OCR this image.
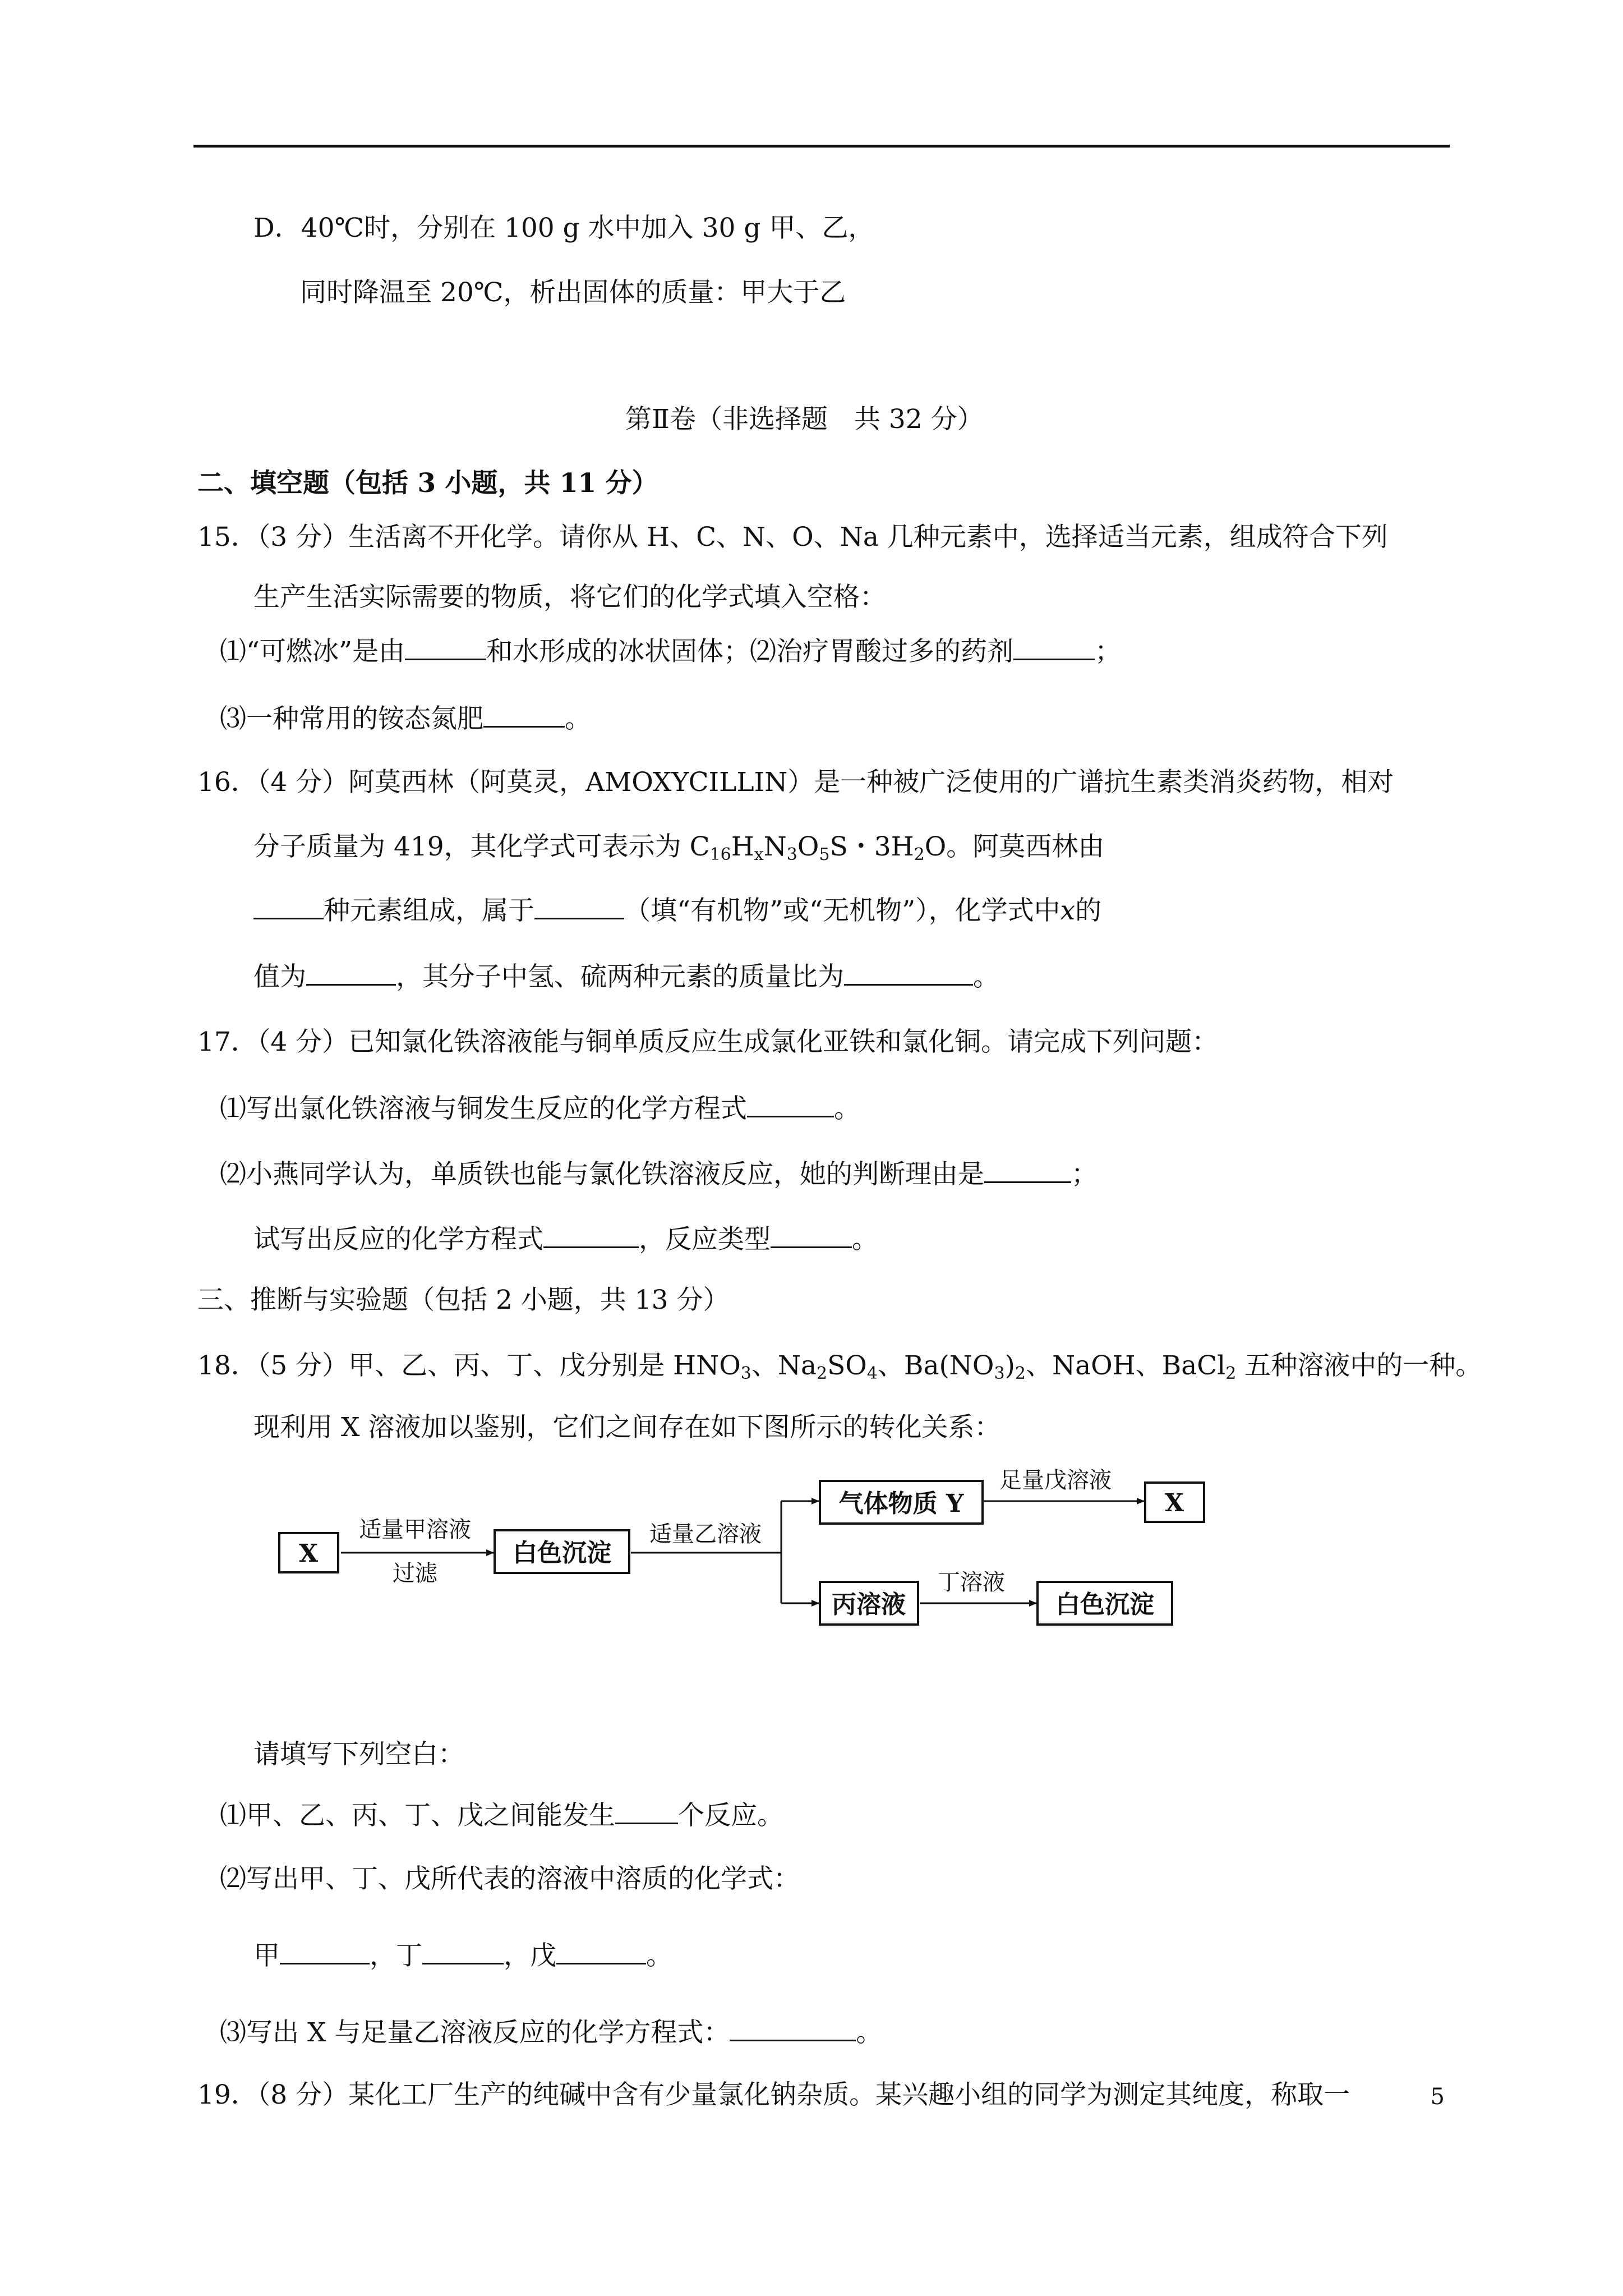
D．40℃时，分别在 100 g 水中加入 30 g 甲、乙，
同时降温至 20℃，析出固体的质量：甲大于乙
第Ⅱ卷（非选择题　共 32 分）
二、填空题（包括 3 小题，共 11 分）
15．（3 分）生活离不开化学。请你从 H、C、N、O、Na 几种元素中，选择适当元素，组成符合下列
生产生活实际需要的物质，将它们的化学式填入空格：
⑴“可燃冰”是由	和水形成的冰状固体；⑵治疗胃酸过多的药剂	；
⑶一种常用的铵态氮肥	。
16．（4 分）阿莫西林（阿莫灵，AMOXYCILLIN）是一种被广泛使用的广谱抗生素类消炎药物，相对
分子质量为 419，其化学式可表示为 $C_{16}H_xN_3O_5S$・$3H_2O$。阿莫西林由
种元素组成，属于	（填“有机物”或“无机物”），化学式中x的
值为	，其分子中氢、硫两种元素的质量比为	。
17．（4 分）已知氯化铁溶液能与铜单质反应生成氯化亚铁和氯化铜。请完成下列问题：
⑴写出氯化铁溶液与铜发生反应的化学方程式	。
⑵小燕同学认为，单质铁也能与氯化铁溶液反应，她的判断理由是	；
试写出反应的化学方程式	，反应类型	。
三、推断与实验题（包括 2 小题，共 13 分）
18．（5 分）甲、乙、丙、丁、戊分别是 $HNO_3$、$Na_2SO_4$、$Ba(NO_3)_2$、NaOH、BaCl$_2$ 五种溶液中的一种。
现利用 X 溶液加以鉴别，它们之间存在如下图所示的转化关系：
X
适量甲溶液
过滤
白色沉淀
适量乙溶液
气体物质 Y
足量戊溶液
X
丙溶液
丁溶液
白色沉淀
请填写下列空白：
⑴甲、乙、丙、丁、戊之间能发生 个反应。
⑵写出甲、丁、戊所代表的溶液中溶质的化学式：
甲	，丁	，戊	。
⑶写出 X 与足量乙溶液反应的化学方程式：	。
19．（8 分）某化工厂生产的纯碱中含有少量氯化钠杂质。某兴趣小组的同学为测定其纯度，称取一	5
